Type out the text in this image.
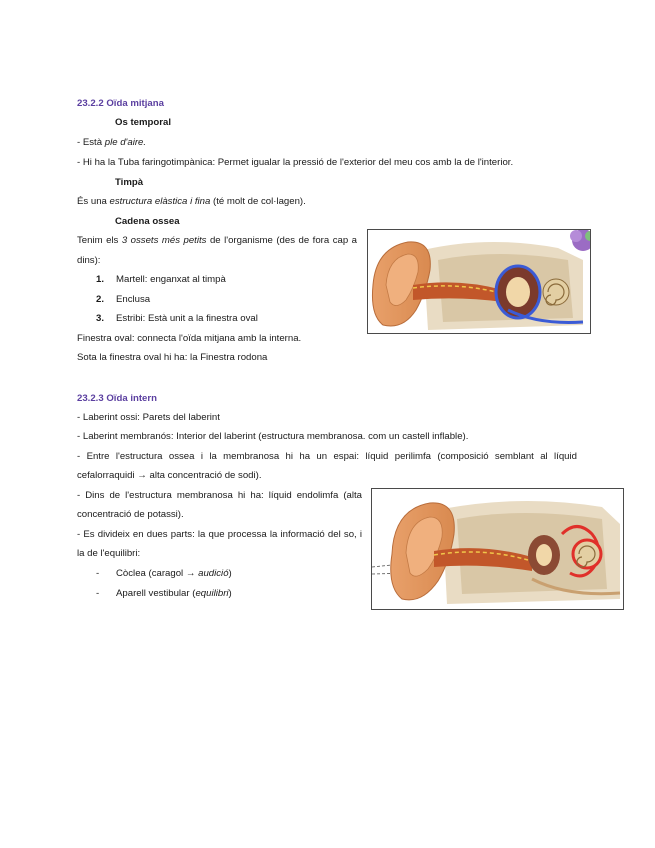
23.2.2 Oïda mitjana
Os temporal
- Està ple d'aire.
- Hi ha la Tuba faringotimpànica: Permet igualar la pressió de l'exterior del meu cos amb la de l'interior.
Timpà
És una estructura elàstica i fina (té molt de col·lagen).
Cadena ossea
Tenim els 3 ossets més petits de l'organisme (des de fora cap a
dins):
1. Martell: enganxat al timpà
2. Enclusa
3. Estribi: Està unit a la finestra oval
Finestra oval: connecta l'oïda mitjana amb la interna.
Sota la finestra oval hi ha: la Finestra rodona
23.2.3 Oïda intern
- Laberint ossi: Parets del laberint
- Laberint membranós: Interior del laberint (estructura membranosa. com un castell inflable).
- Entre l'estructura ossea i la membranosa hi ha un espai: líquid perilimfa (composició semblant al líquid
cefalorraquidi → alta concentració de sodi).
- Dins de l'estructura membranosa hi ha: líquid endolimfa (alta
concentració de potassi).
- Es divideix en dues parts: la que processa la informació del so, i
la de l'equilibri:
- Còclea (caragol → audició)
- Aparell vestibular (equilibri)
